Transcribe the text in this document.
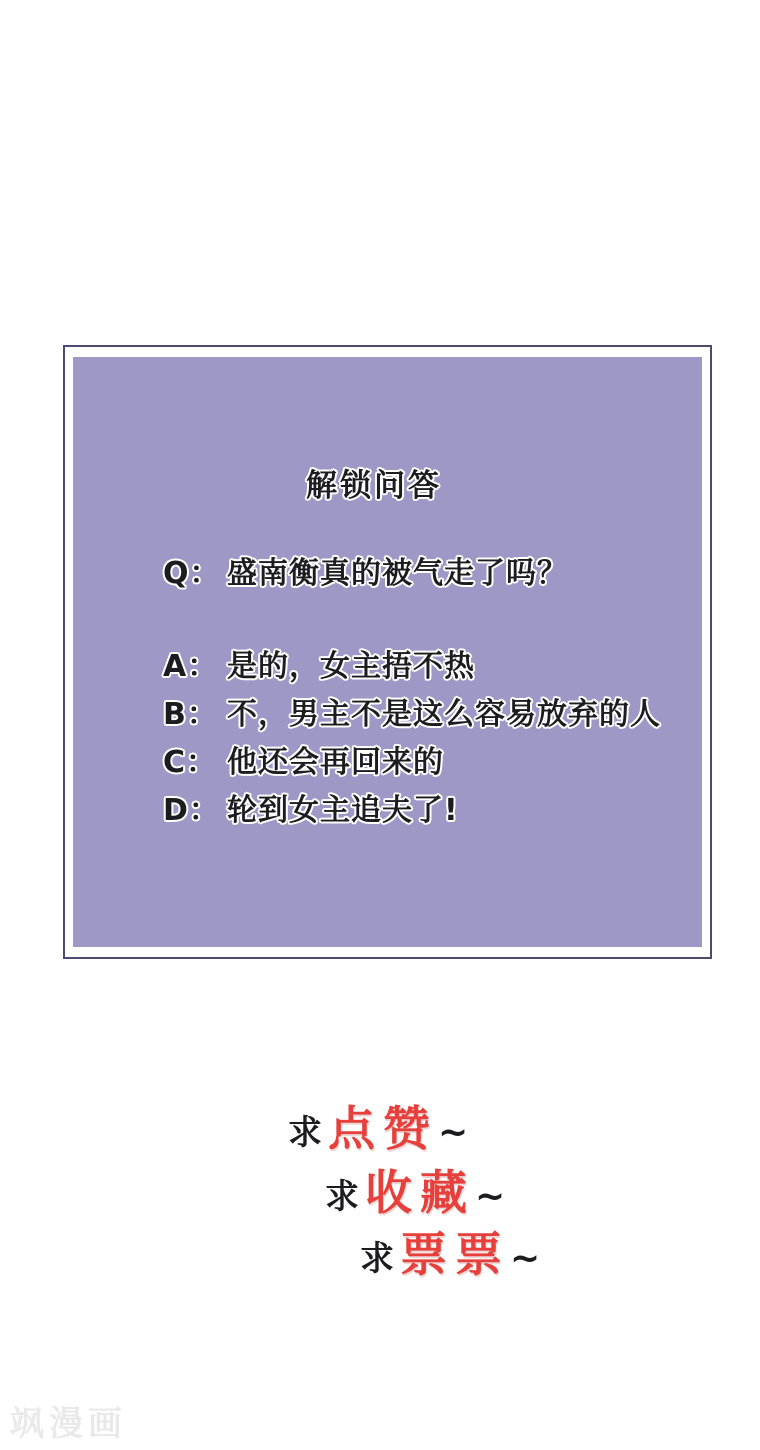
解锁问答
Q： 盛南衡真的被气走了吗？
A： 是的，女主捂不热
B： 不，男主不是这么容易放弃的人
C： 他还会再回来的
D： 轮到女主追夫了!
求 点赞 ~
求 收藏 ~
求 票票 ~
飒漫画
